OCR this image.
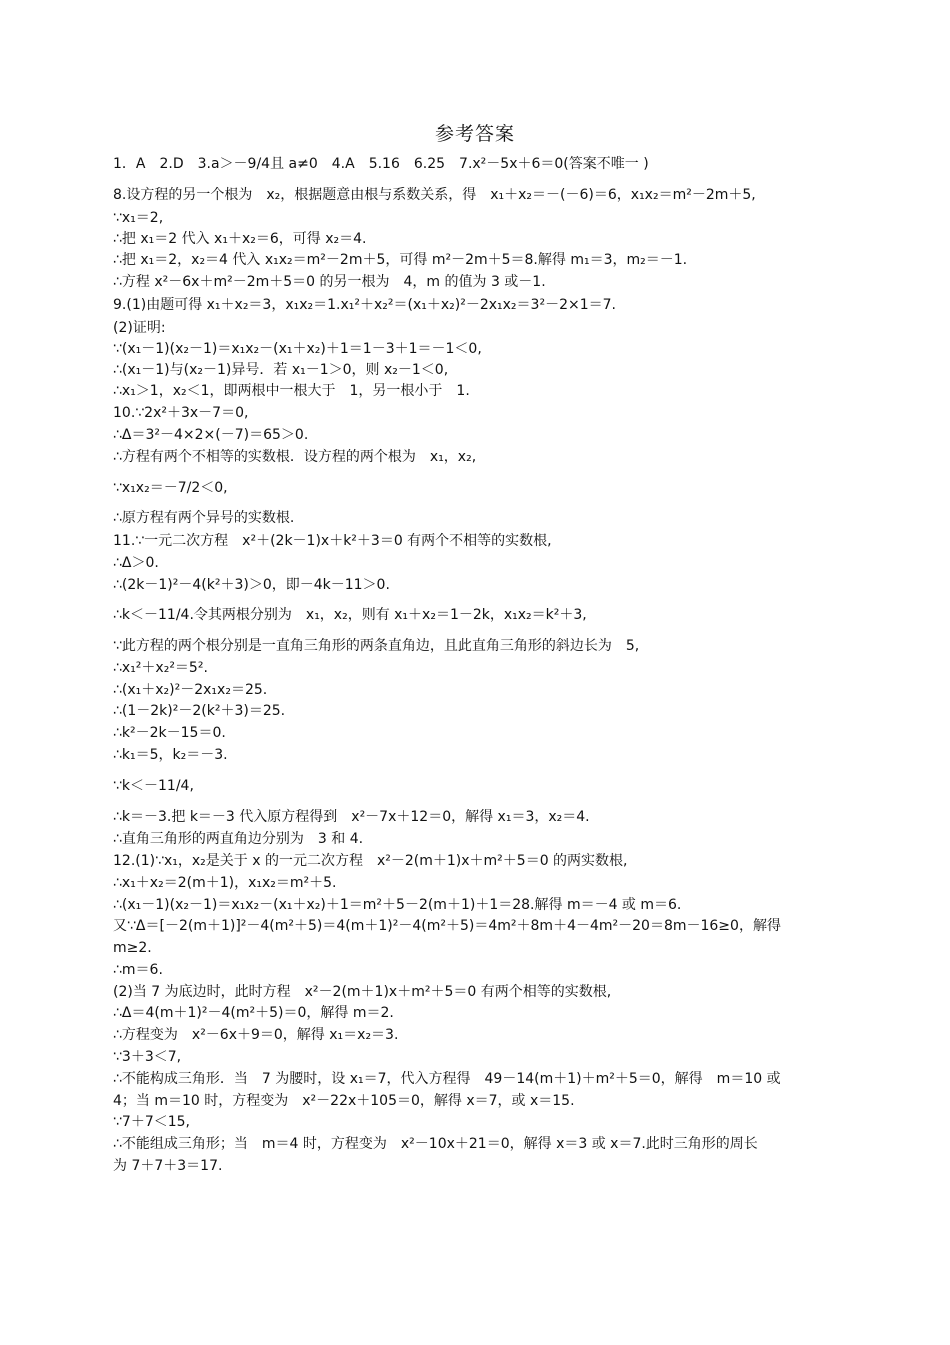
参考答案
1．A　2.D　3.a＞－9/4且 a≠0　4.A　5.16　6.25　7.x²－5x＋6＝0(答案不唯一 )
8.设方程的另一个根为　x₂，根据题意由根与系数关系，得　x₁＋x₂＝－(－6)＝6，x₁x₂＝m²－2m＋5,
∵x₁＝2,
∴把 x₁＝2 代入 x₁＋x₂＝6，可得 x₂＝4.
∴把 x₁＝2，x₂＝4 代入 x₁x₂＝m²－2m＋5，可得 m²－2m＋5＝8.解得 m₁＝3，m₂＝－1.
∴方程 x²－6x＋m²－2m＋5＝0 的另一根为　4，m 的值为 3 或－1.
9.(1)由题可得 x₁＋x₂＝3，x₁x₂＝1.x₁²＋x₂²＝(x₁＋x₂)²－2x₁x₂＝3²－2×1＝7.
(2)证明:
∵(x₁－1)(x₂－1)＝x₁x₂－(x₁＋x₂)＋1＝1－3＋1＝－1＜0,
∴(x₁－1)与(x₂－1)异号．若 x₁－1＞0，则 x₂－1＜0,
∴x₁＞1，x₂＜1，即两根中一根大于　1，另一根小于　1.
10.∵2x²＋3x－7＝0,
∴Δ＝3²－4×2×(－7)＝65＞0.
∴方程有两个不相等的实数根．设方程的两个根为　x₁，x₂,
∵x₁x₂＝－7/2＜0,
∴原方程有两个异号的实数根.
11.∵一元二次方程　x²＋(2k－1)x＋k²＋3＝0 有两个不相等的实数根,
∴Δ＞0.
∴(2k－1)²－4(k²＋3)＞0，即－4k－11＞0.
∴k＜－11/4.令其两根分别为　x₁，x₂，则有 x₁＋x₂＝1－2k，x₁x₂＝k²＋3,
∵此方程的两个根分别是一直角三角形的两条直角边，且此直角三角形的斜边长为　5,
∴x₁²＋x₂²＝5².
∴(x₁＋x₂)²－2x₁x₂＝25.
∴(1－2k)²－2(k²＋3)＝25.
∴k²－2k－15＝0.
∴k₁＝5，k₂＝－3.
∵k＜－11/4,
∴k＝－3.把 k＝－3 代入原方程得到　x²－7x＋12＝0，解得 x₁＝3，x₂＝4.
∴直角三角形的两直角边分别为　3 和 4.
12.(1)∵x₁，x₂是关于 x 的一元二次方程　x²－2(m＋1)x＋m²＋5＝0 的两实数根,
∴x₁＋x₂＝2(m＋1)，x₁x₂＝m²＋5.
∴(x₁－1)(x₂－1)＝x₁x₂－(x₁＋x₂)＋1＝m²＋5－2(m＋1)＋1＝28.解得 m＝－4 或 m＝6.
又∵Δ＝[－2(m＋1)]²－4(m²＋5)＝4(m＋1)²－4(m²＋5)＝4m²＋8m＋4－4m²－20＝8m－16≥0，解得
m≥2.
∴m＝6.
(2)当 7 为底边时，此时方程　x²－2(m＋1)x＋m²＋5＝0 有两个相等的实数根,
∴Δ＝4(m＋1)²－4(m²＋5)＝0，解得 m＝2.
∴方程变为　x²－6x＋9＝0，解得 x₁＝x₂＝3.
∵3＋3＜7,
∴不能构成三角形．当　7 为腰时，设 x₁＝7，代入方程得　49－14(m＋1)＋m²＋5＝0，解得　m＝10 或
4；当 m＝10 时，方程变为　x²－22x＋105＝0，解得 x＝7，或 x＝15.
∵7＋7＜15,
∴不能组成三角形；当　m＝4 时，方程变为　x²－10x＋21＝0，解得 x＝3 或 x＝7.此时三角形的周长
为 7＋7＋3＝17.
